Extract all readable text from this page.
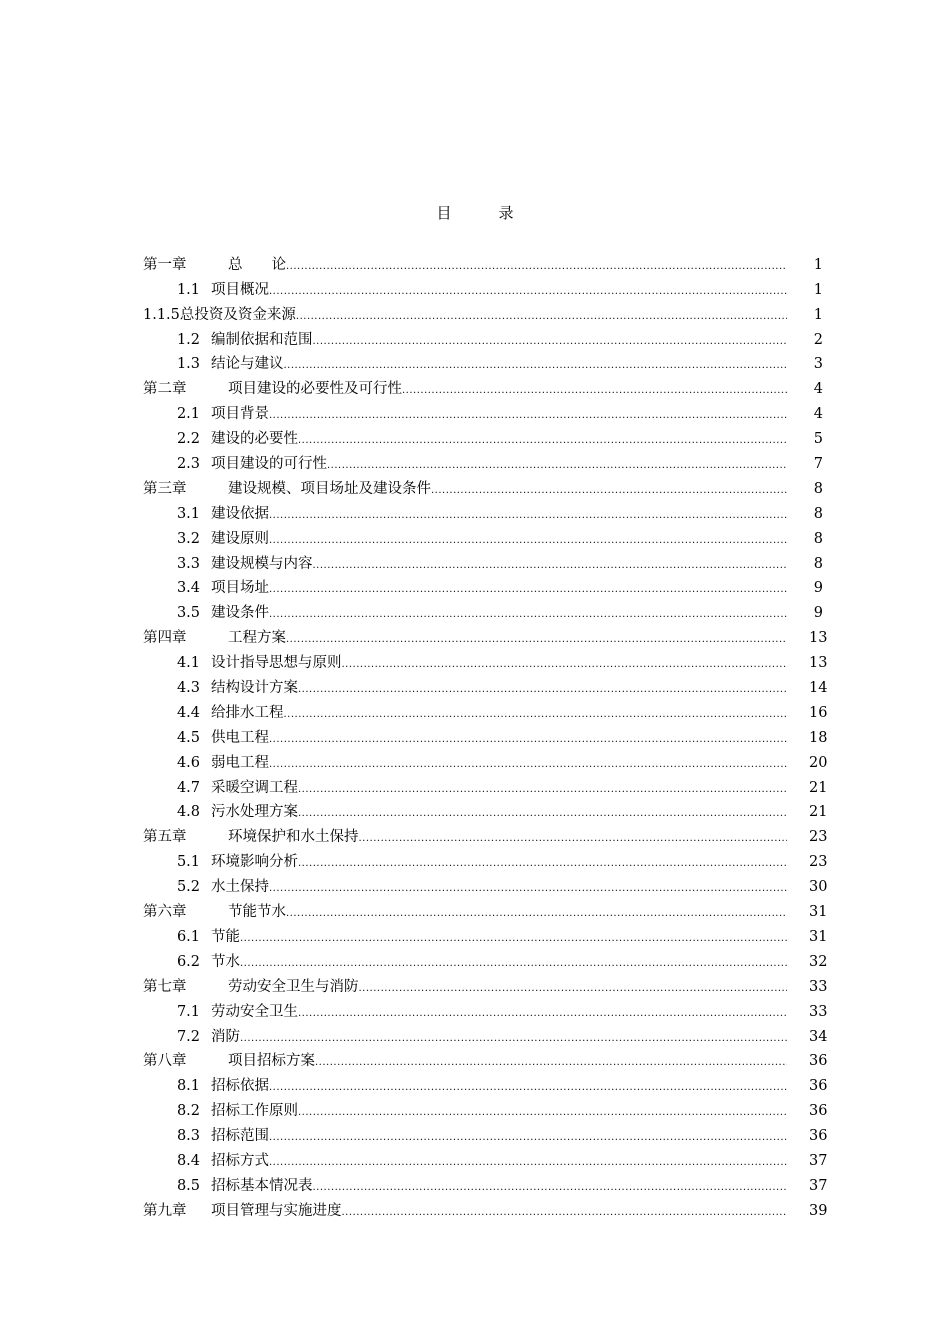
目　录
第一章	总　　论 .....	1
1.1 项目概况 .....	1
1.1.5总投资及资金来源 .....	1
1.2 编制依据和范围 .....	2
1.3 结论与建议 .....	3
第二章	项目建设的必要性及可行性 .....	4
2.1 项目背景 .....	4
2.2 建设的必要性 .....	5
2.3 项目建设的可行性 .....	7
第三章	建设规模、项目场址及建设条件 .....	8
3.1 建设依据 .....	8
3.2 建设原则 .....	8
3.3 建设规模与内容 .....	8
3.4 项目场址 .....	9
3.5 建设条件 .....	9
第四章	工程方案 .....	13
4.1 设计指导思想与原则 .....	13
4.3 结构设计方案 .....	14
4.4 给排水工程 .....	16
4.5 供电工程 .....	18
4.6 弱电工程 .....	20
4.7 采暖空调工程 .....	21
4.8 污水处理方案 .....	21
第五章	环境保护和水土保持 .....	23
5.1 环境影响分析 .....	23
5.2 水土保持 .....	30
第六章	节能节水 .....	31
6.1 节能 .....	31
6.2 节水 .....	32
第七章	劳动安全卫生与消防 .....	33
7.1 劳动安全卫生 .....	33
7.2 消防 .....	34
第八章	项目招标方案 .....	36
8.1 招标依据 .....	36
8.2 招标工作原则 .....	36
8.3 招标范围 .....	36
8.4 招标方式 .....	37
8.5 招标基本情况表 .....	37
第九章	项目管理与实施进度 .....	39
